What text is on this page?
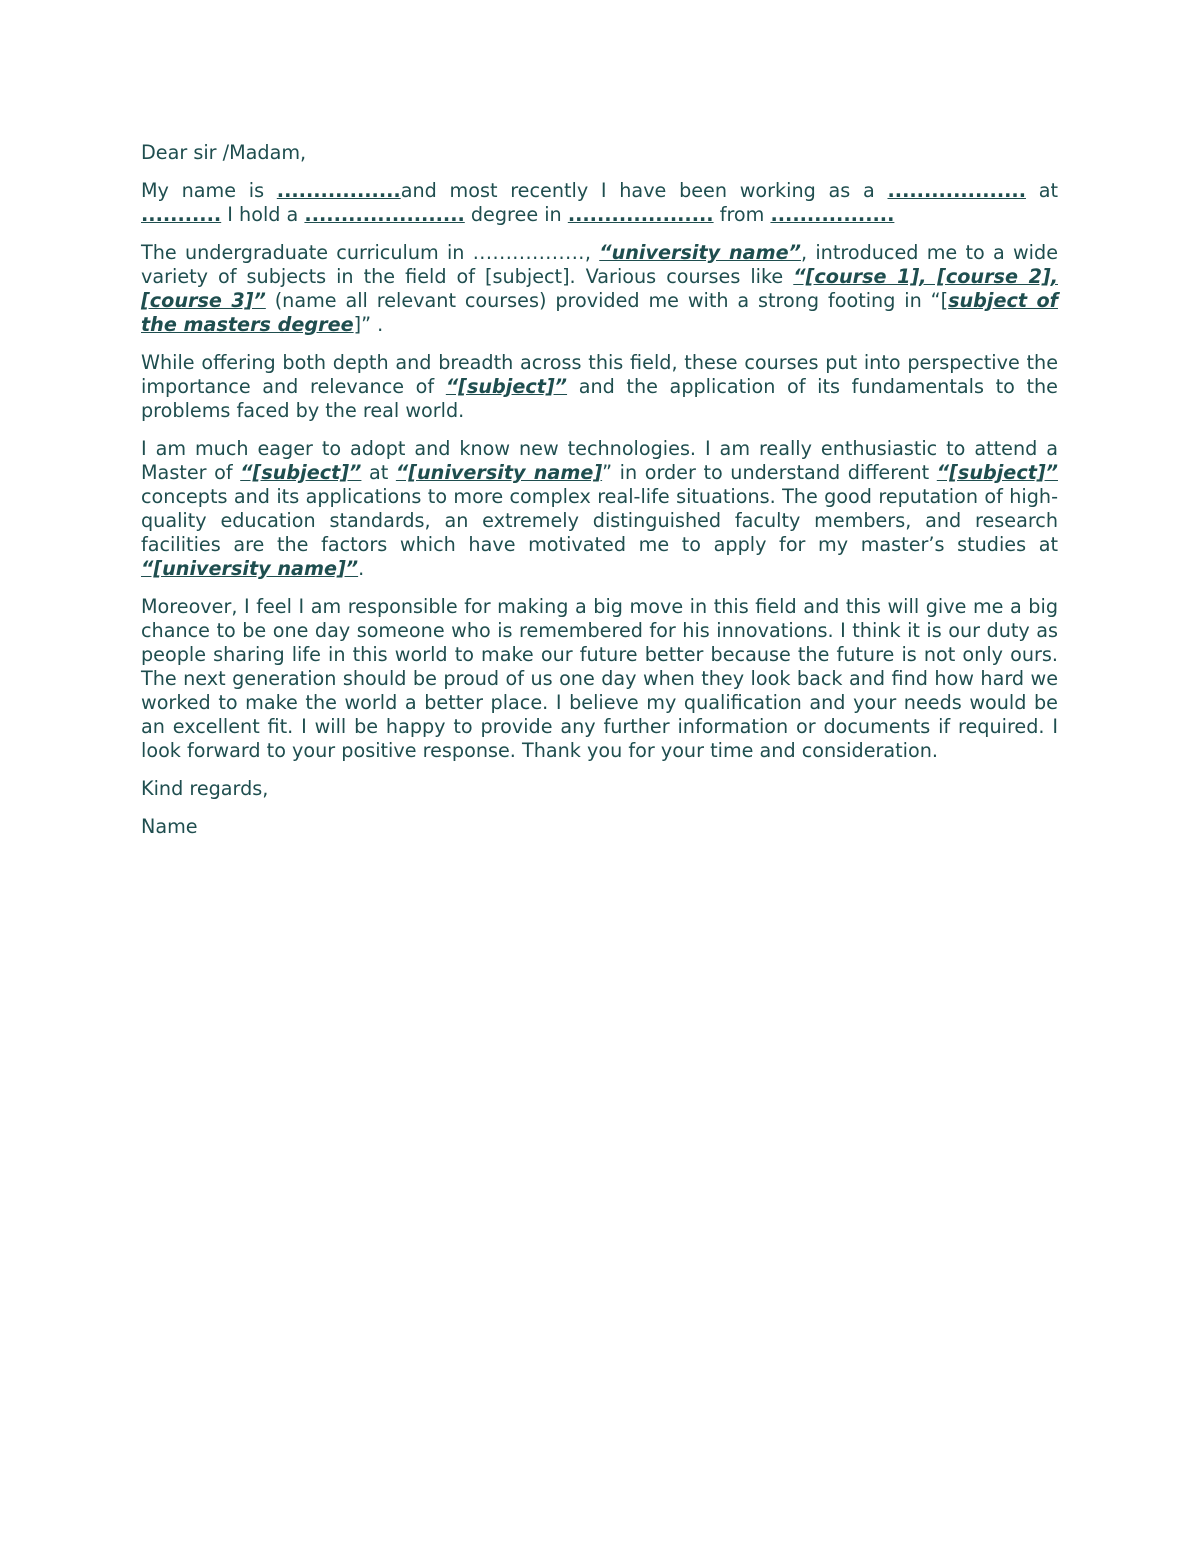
Dear sir /Madam,

My name is .................and most recently I have been working as a ................... at ........... I hold a ...................... degree in .................... from .................

The undergraduate curriculum in ................., “university name”, introduced me to a wide variety of subjects in the field of [subject]. Various courses like “[course 1], [course 2], [course 3]” (name all relevant courses) provided me with a strong footing in “[subject of the masters degree]” .

While offering both depth and breadth across this field, these courses put into perspective the importance and relevance of “[subject]” and the application of its fundamentals to the problems faced by the real world.

I am much eager to adopt and know new technologies. I am really enthusiastic to attend a Master of “[subject]” at “[university name]” in order to understand different “[subject]” concepts and its applications to more complex real-life situations. The good reputation of high-quality education standards, an extremely distinguished faculty members, and research facilities are the factors which have motivated me to apply for my master’s studies at “[university name]”.

Moreover, I feel I am responsible for making a big move in this field and this will give me a big chance to be one day someone who is remembered for his innovations. I think it is our duty as people sharing life in this world to make our future better because the future is not only ours. The next generation should be proud of us one day when they look back and find how hard we worked to make the world a better place. I believe my qualification and your needs would be an excellent fit. I will be happy to provide any further information or documents if required. I look forward to your positive response. Thank you for your time and consideration.

Kind regards,

Name
